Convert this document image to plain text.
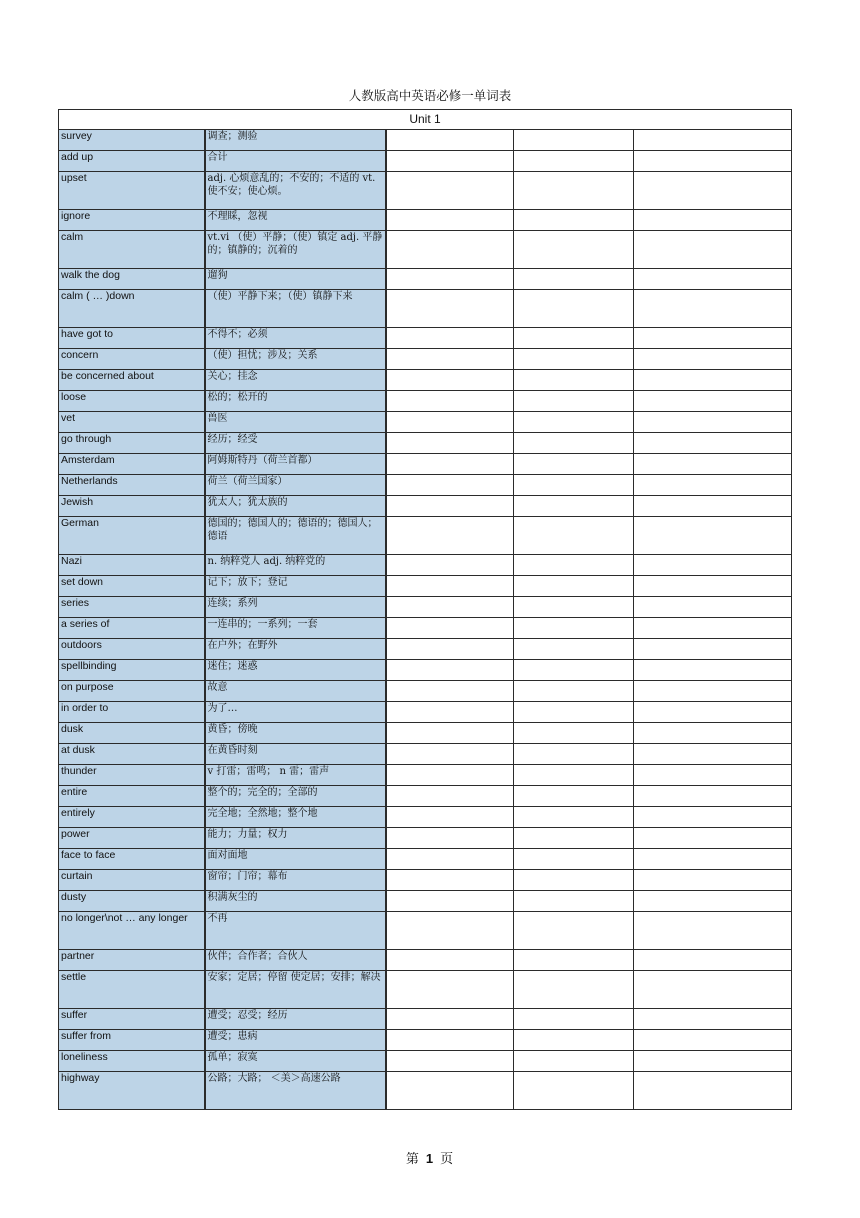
人教版高中英语必修一单词表
Unit 1				
survey	调查；测验			
add up	合计			
upset	adj. 心烦意乱的；不安的；不适的 vt. 使不安；使心烦。			
ignore	不理睬，忽视			
calm	vt.vi （使）平静；（使）镇定 adj. 平静的；镇静的；沉着的			
walk the dog	遛狗			
calm ( … )down	（使）平静下来；（使）镇静下来			
have got to	不得不；必须			
concern	（使）担忧；涉及；关系			
be concerned about	关心；挂念			
loose	松的；松开的			
vet	兽医			
go through	经历；经受			
Amsterdam	阿姆斯特丹（荷兰首都）			
Netherlands	荷兰（荷兰国家）			
Jewish	犹太人；犹太族的			
German	德国的；德国人的；德语的；德国人；德语			
Nazi	n. 纳粹党人 adj. 纳粹党的			
set down	记下；放下；登记			
series	连续；系列			
a series of	一连串的；一系列；一套			
outdoors	在户外；在野外			
spellbinding	迷住；迷惑			
on purpose	故意			
in order to	为了…			
dusk	黄昏；傍晚			
at dusk	在黄昏时刻			
thunder	v 打雷；雷鸣； n 雷；雷声			
entire	整个的；完全的；全部的			
entirely	完全地；全然地；整个地			
power	能力；力量；权力			
face to face	面对面地			
curtain	窗帘；门帘；幕布			
dusty	积满灰尘的			
no longer\not … any longer	不再			
partner	伙伴；合作者；合伙人			
settle	安家；定居；停留 使定居；安排；解决			
suffer	遭受；忍受；经历			
suffer from	遭受；患病			
loneliness	孤单；寂寞			
highway	公路；大路； ＜美＞高速公路			
第 1 页
